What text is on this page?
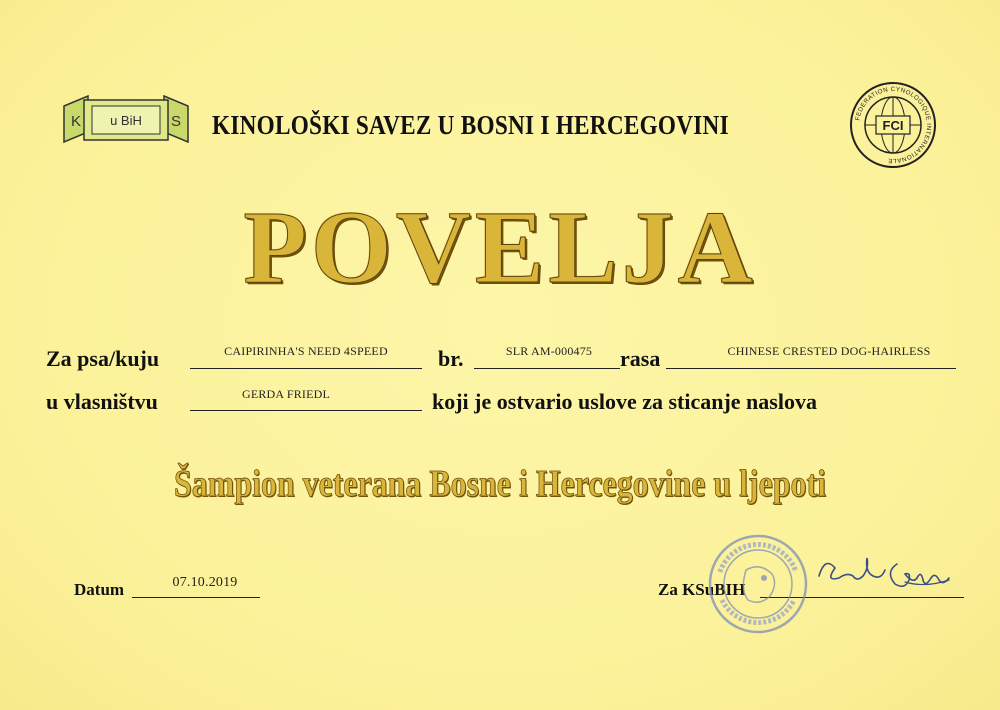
K u BiH S KINOLOŠKI SAVEZ U BOSNI I HERCEGOVINI	FCI
FEDERATION CYNOLOGIQUE INTERNATIONALE
POVELJA
Za psa/kuju	CAIPIRINHA'S NEED 4SPEED	br.	SLR AM-000475	rasa	CHINESE CRESTED DOG-HAIRLESS
u vlasništvu	GERDA FRIEDL	koji je ostvario uslove za sticanje naslova
Šampion veterana Bosne i Hercegovine u ljepoti
Datum	07.10.2019	Za KSuBIH
